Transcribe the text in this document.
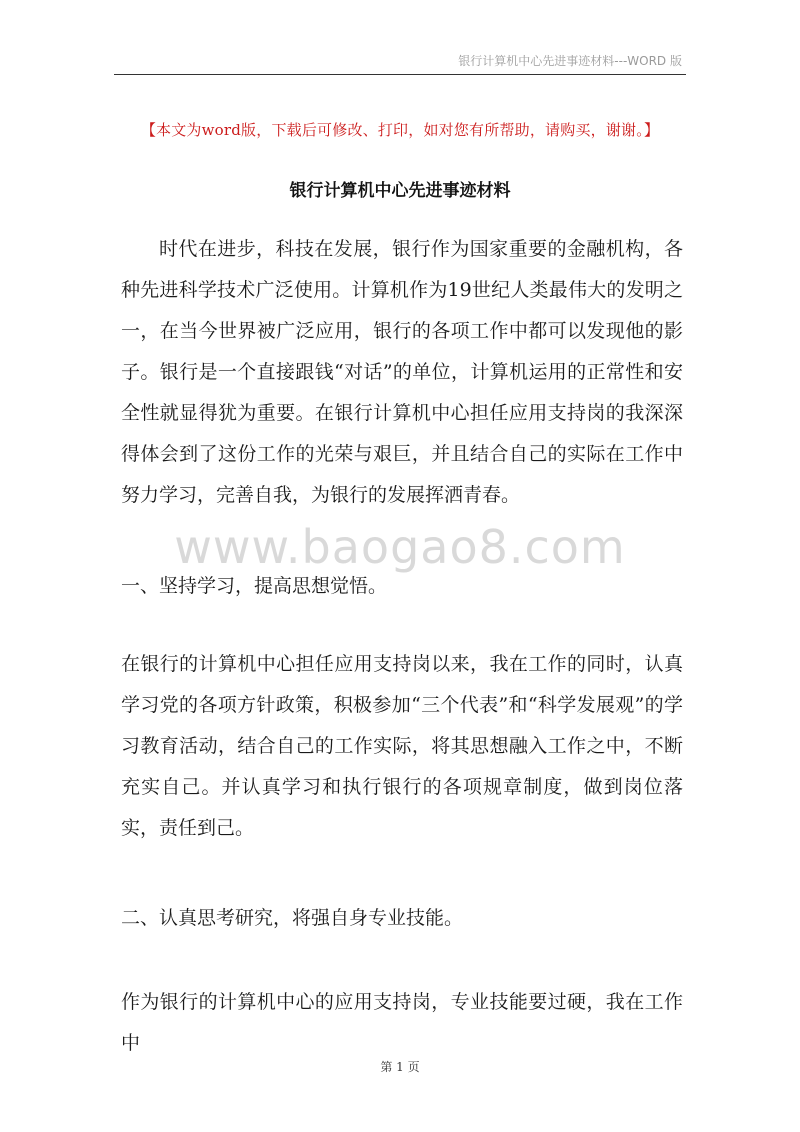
银行计算机中心先进事迹材料---WORD 版
【本文为word版，下载后可修改、打印，如对您有所帮助，请购买，谢谢。】
银行计算机中心先进事迹材料

时代在进步，科技在发展，银行作为国家重要的金融机构，各种先进科学技术广泛使用。计算机作为19世纪人类最伟大的发明之一，在当今世界被广泛应用，银行的各项工作中都可以发现他的影子。银行是一个直接跟钱“对话”的单位，计算机运用的正常性和安全性就显得犹为重要。在银行计算机中心担任应用支持岗的我深深得体会到了这份工作的光荣与艰巨，并且结合自己的实际在工作中努力学习，完善自我，为银行的发展挥洒青春。

www.baogao8.com
一、坚持学习，提高思想觉悟。

在银行的计算机中心担任应用支持岗以来，我在工作的同时，认真学习党的各项方针政策，积极参加“三个代表”和“科学发展观”的学习教育活动，结合自己的工作实际，将其思想融入工作之中，不断充实自己。并认真学习和执行银行的各项规章制度，做到岗位落实，责任到己。

二、认真思考研究，将强自身专业技能。

作为银行的计算机中心的应用支持岗，专业技能要过硬，我在工作中

第 1 页
